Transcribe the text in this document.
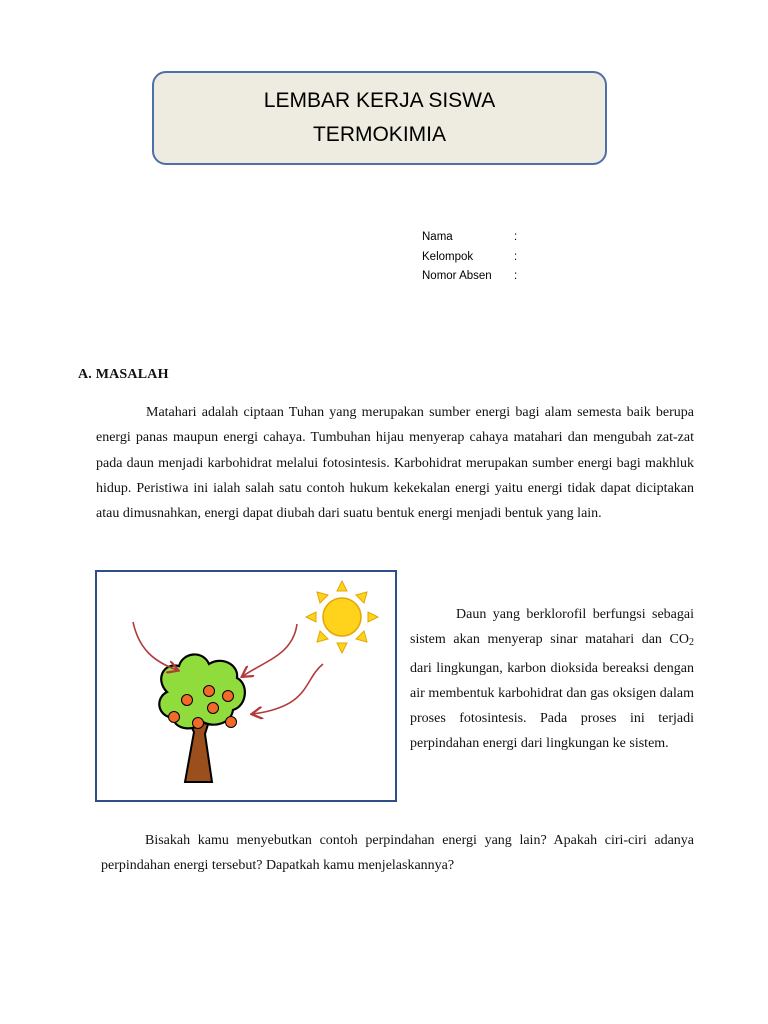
LEMBAR KERJA SISWA
TERMOKIMIA
Nama	:
Kelompok	:
Nomor Absen	:
A. MASALAH

Matahari adalah ciptaan Tuhan yang merupakan sumber energi bagi alam semesta baik berupa energi panas maupun energi cahaya. Tumbuhan hijau menyerap cahaya matahari dan mengubah zat-zat pada daun menjadi karbohidrat melalui fotosintesis. Karbohidrat merupakan sumber energi bagi makhluk hidup. Peristiwa ini ialah salah satu contoh hukum kekekalan energi yaitu energi tidak dapat diciptakan atau dimusnahkan, energi dapat diubah dari suatu bentuk energi menjadi bentuk yang lain.

Daun yang berklorofil berfungsi sebagai sistem akan menyerap sinar matahari dan $CO_2$ dari lingkungan, karbon dioksida bereaksi dengan air membentuk karbohidrat dan gas oksigen dalam proses fotosintesis. Pada proses ini terjadi perpindahan energi dari lingkungan ke sistem.

Bisakah kamu menyebutkan contoh perpindahan energi yang lain? Apakah ciri-ciri adanya perpindahan energi tersebut? Dapatkah kamu menjelaskannya?
